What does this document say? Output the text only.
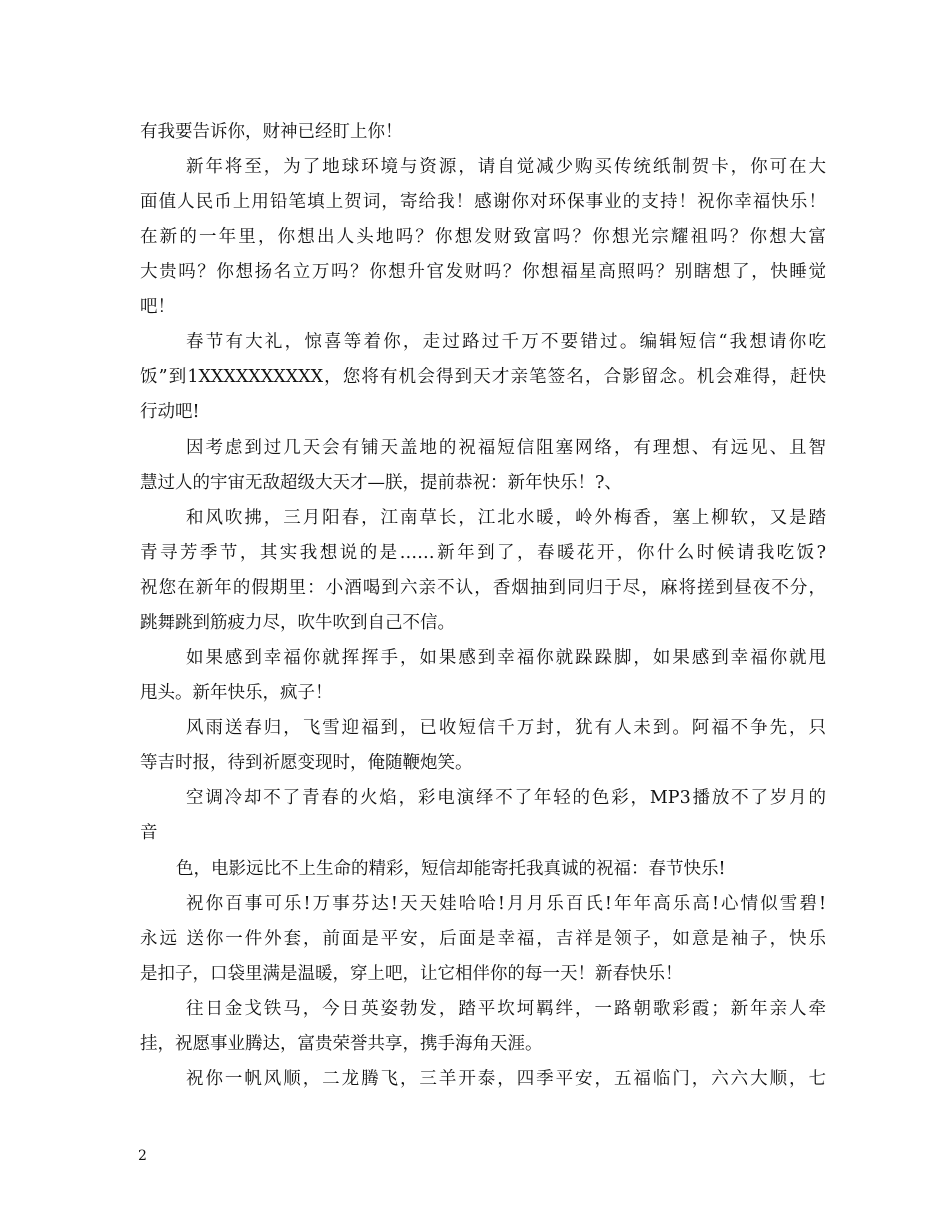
有我要告诉你，财神已经盯上你！
新年将至，为了地球环境与资源，请自觉减少购买传统纸制贺卡，你可在大
面值人民币上用铅笔填上贺词，寄给我！感谢你对环保事业的支持！祝你幸福快乐！
在新的一年里，你想出人头地吗？你想发财致富吗？你想光宗耀祖吗？你想大富
大贵吗？你想扬名立万吗？你想升官发财吗？你想福星高照吗？别瞎想了，快睡觉
吧！
春节有大礼，惊喜等着你，走过路过千万不要错过。编辑短信“我想请你吃
饭”到1XXXXXXXXXX，您将有机会得到天才亲笔签名，合影留念。机会难得，赶快
行动吧!
因考虑到过几天会有铺天盖地的祝福短信阻塞网络，有理想、有远见、且智
慧过人的宇宙无敌超级大天才—朕，提前恭祝：新年快乐！?、
和风吹拂，三月阳春，江南草长，江北水暖，岭外梅香，塞上柳软，又是踏
青寻芳季节，其实我想说的是……新年到了，春暖花开，你什么时候请我吃饭?
祝您在新年的假期里：小酒喝到六亲不认，香烟抽到同归于尽，麻将搓到昼夜不分，
跳舞跳到筋疲力尽，吹牛吹到自己不信。
如果感到幸福你就挥挥手，如果感到幸福你就跺跺脚，如果感到幸福你就甩
甩头。新年快乐，疯子！
风雨送春归，飞雪迎福到，已收短信千万封，犹有人未到。阿福不争先，只
等吉时报，待到祈愿变现时，俺随鞭炮笑。
空调冷却不了青春的火焰，彩电演绎不了年轻的色彩，MP3播放不了岁月的
音
色，电影远比不上生命的精彩，短信却能寄托我真诚的祝福：春节快乐!
祝你百事可乐!万事芬达!天天娃哈哈!月月乐百氏!年年高乐高!心情似雪碧!
永远 送你一件外套，前面是平安，后面是幸福，吉祥是领子，如意是袖子，快乐
是扣子，口袋里满是温暖，穿上吧，让它相伴你的每一天！新春快乐！
往日金戈铁马，今日英姿勃发，踏平坎坷羁绊，一路朝歌彩霞；新年亲人牵
挂，祝愿事业腾达，富贵荣誉共享，携手海角天涯。
祝你一帆风顺，二龙腾飞，三羊开泰，四季平安，五福临门，六六大顺，七
2
